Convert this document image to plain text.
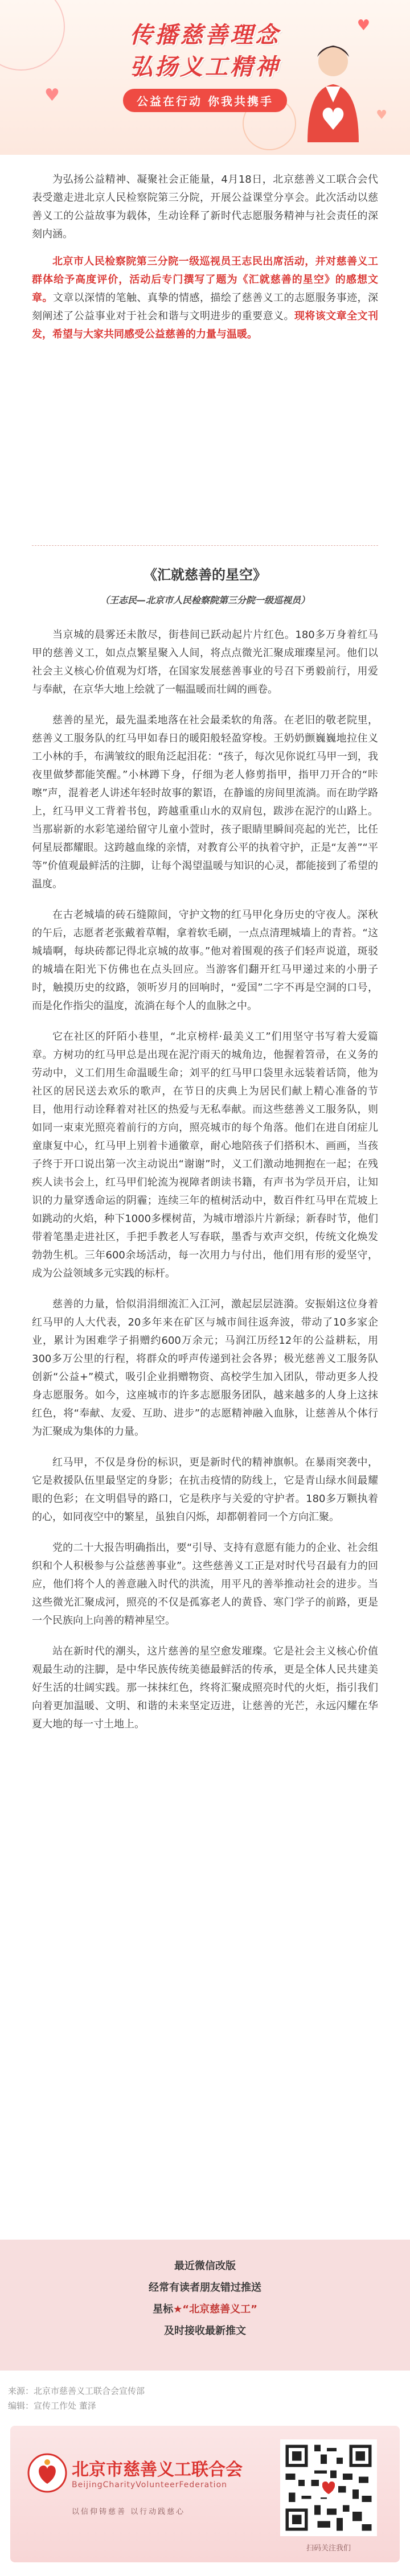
♥
♥
♥
传播慈善理念
弘扬义工精神
公益在行动 你我共携手

为弘扬公益精神、凝聚社会正能量，4月18日，北京慈善义工联合会代表受邀走进北京人民检察院第三分院，开展公益课堂分享会。此次活动以慈善义工的公益故事为载体，生动诠释了新时代志愿服务精神与社会责任的深刻内涵。

北京市人民检察院第三分院一级巡视员王志民出席活动，并对慈善义工群体给予高度评价，活动后专门撰写了题为《汇就慈善的星空》的感想文章。文章以深情的笔触、真挚的情感，描绘了慈善义工的志愿服务事迹，深刻阐述了公益事业对于社会和谐与文明进步的重要意义。现将该文章全文刊发，希望与大家共同感受公益慈善的力量与温暖。

《汇就慈善的星空》
（王志民—北京市人民检察院第三分院一级巡视员）

当京城的晨雾还未散尽，街巷间已跃动起片片红色。180多万身着红马甲的慈善义工，如点点繁星聚入人间，将点点微光汇聚成璀璨星河。他们以社会主义核心价值观为灯塔，在国家发展慈善事业的号召下勇毅前行，用爱与奉献，在京华大地上绘就了一幅温暖而壮阔的画卷。

慈善的星光，最先温柔地落在社会最柔软的角落。在老旧的敬老院里，慈善义工服务队的红马甲如春日的暖阳般轻盈穿梭。王奶奶颤巍巍地拉住义工小林的手，布满皱纹的眼角泛起泪花：“孩子，每次见你说红马甲一到，我夜里做梦都能笑醒。”小林蹲下身，仔细为老人修剪指甲，指甲刀开合的“咔嚓”声，混着老人讲述年轻时故事的絮语，在静谧的房间里流淌。而在助学路上，红马甲义工背着书包，跨越重重山水的双肩包，跋涉在泥泞的山路上。当那崭新的水彩笔递给留守儿童小萱时，孩子眼睛里瞬间亮起的光芒，比任何星辰都耀眼。这跨越血缘的亲情，对教育公平的执着守护，正是“友善”“平等”价值观最鲜活的注脚，让每个渴望温暖与知识的心灵，都能接到了希望的温度。

在古老城墙的砖石缝隙间，守护文物的红马甲化身历史的守夜人。深秋的午后，志愿者老张戴着草帽，拿着软毛刷，一点点清理城墙上的青苔。“这城墙啊，每块砖都记得北京城的故事。”他对着围观的孩子们轻声说道，斑驳的城墙在阳光下仿佛也在点头回应。当游客们翻开红马甲递过来的小册子时，触摸历史的纹路，领听岁月的回响时，“爱国”二字不再是空洞的口号，而是化作指尖的温度，流淌在每个人的血脉之中。

它在社区的阡陌小巷里，“北京榜样·最美义工”们用坚守书写着大爱篇章。方树功的红马甲总是出现在泥泞雨天的城角边，他握着笤帚，在义务的劳动中，义工们用生命温暖生命；刘平的红马甲口袋里永远装着话筒，他为社区的居民送去欢乐的歌声，在节日的庆典上为居民们献上精心准备的节目，他用行动诠释着对社区的热爱与无私奉献。而这些慈善义工服务队，则如同一束束光照亮着前行的方向，照亮城市的每个角落。他们在进自闭症儿童康复中心，红马甲上别着卡通徽章，耐心地陪孩子们搭积木、画画，当孩子终于开口说出第一次主动说出“谢谢”时，义工们激动地拥抱在一起；在残疾人读书会上，红马甲们轮流为视障者朗读书籍，有声书为学员开启，让知识的力量穿透命运的阴霾；连续三年的植树活动中，数百件红马甲在荒坡上如跳动的火焰，种下1000多棵树苗，为城市增添片片新绿；新春时节，他们带着笔墨走进社区，手把手教老人写春联，墨香与欢声交织，传统文化焕发勃勃生机。三年600余场活动，每一次用力与付出，他们用有形的爱坚守，成为公益领域多元实践的标杆。

慈善的力量，恰似涓涓细流汇入江河，激起层层涟漪。安振娟这位身着红马甲的人大代表，20多年来在矿区与城市间往返奔波，带动了10多家企业，累计为困难学子捐赠约600万余元；马润江历经12年的公益耕耘，用300多万公里的行程，将群众的呼声传递到社会各界；极光慈善义工服务队创新“公益+”模式，吸引企业捐赠物资、高校学生加入团队，带动更多人投身志愿服务。如今，这座城市的许多志愿服务团队，越来越多的人身上这抹红色，将“奉献、友爱、互助、进步”的志愿精神融入血脉，让慈善从个体行为汇聚成为集体的力量。

红马甲，不仅是身份的标识，更是新时代的精神旗帜。在暴雨突袭中，它是救援队伍里最坚定的身影；在抗击疫情的防线上，它是青山绿水间最耀眼的色彩；在文明倡导的路口，它是秩序与关爱的守护者。180多万颗执着的心，如同夜空中的繁星，虽独自闪烁，却都朝着同一个方向汇聚。

党的二十大报告明确指出，要“引导、支持有意愿有能力的企业、社会组织和个人积极参与公益慈善事业”。这些慈善义工正是对时代号召最有力的回应，他们将个人的善意融入时代的洪流，用平凡的善举推动社会的进步。当这些微光汇聚成河，照亮的不仅是孤寡老人的黄昏、寒门学子的前路，更是一个民族向上向善的精神星空。

站在新时代的潮头，这片慈善的星空愈发璀璨。它是社会主义核心价值观最生动的注脚，是中华民族传统美德最鲜活的传承，更是全体人民共建美好生活的壮阔实践。那一抹抹红色，终将汇聚成照亮时代的火炬，指引我们向着更加温暖、文明、和谐的未来坚定迈进，让慈善的光芒，永远闪耀在华夏大地的每一寸土地上。

最近微信改版
经常有读者朋友错过推送
星标★“北京慈善义工”
及时接收最新推文
来源：北京市慈善义工联合会宣传部
编辑：宣传工作处 董泽
北京市慈善义工联合会
BeijingCharityVolunteerFederation
以信仰铸慈善 以行动践慈心
扫码关注我们
